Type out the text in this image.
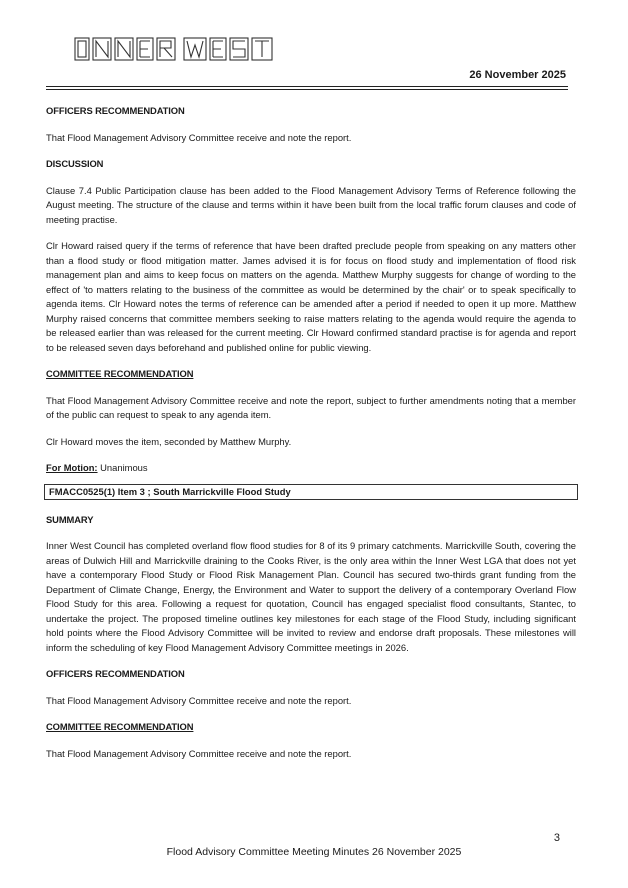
26 November 2025
OFFICERS RECOMMENDATION

That Flood Management Advisory Committee receive and note the report.

DISCUSSION

Clause 7.4 Public Participation clause has been added to the Flood Management Advisory Terms of Reference following the August meeting. The structure of the clause and terms within it have been built from the local traffic forum clauses and code of meeting practise.

Clr Howard raised query if the terms of reference that have been drafted preclude people from speaking on any matters other than a flood study or flood mitigation matter. James advised it is for focus on flood study and implementation of flood risk management plan and aims to keep focus on matters on the agenda. Matthew Murphy suggests for change of wording to the effect of 'to matters relating to the business of the committee as would be determined by the chair' or to speak specifically to agenda items. Clr Howard notes the terms of reference can be amended after a period if needed to open it up more. Matthew Murphy raised concerns that committee members seeking to raise matters relating to the agenda would require the agenda to be released earlier than was released for the current meeting. Clr Howard confirmed standard practise is for agenda and report to be released seven days beforehand and published online for public viewing.

COMMITTEE RECOMMENDATION

That Flood Management Advisory Committee receive and note the report, subject to further amendments noting that a member of the public can request to speak to any agenda item.

Clr Howard moves the item, seconded by Matthew Murphy.

For Motion: Unanimous
FMACC0525(1) Item 3 ; South Marrickville Flood Study
SUMMARY

Inner West Council has completed overland flow flood studies for 8 of its 9 primary catchments. Marrickville South, covering the areas of Dulwich Hill and Marrickville draining to the Cooks River, is the only area within the Inner West LGA that does not yet have a contemporary Flood Study or Flood Risk Management Plan. Council has secured two-thirds grant funding from the Department of Climate Change, Energy, the Environment and Water to support the delivery of a contemporary Overland Flow Flood Study for this area. Following a request for quotation, Council has engaged specialist flood consultants, Stantec, to undertake the project. The proposed timeline outlines key milestones for each stage of the Flood Study, including significant hold points where the Flood Advisory Committee will be invited to review and endorse draft proposals. These milestones will inform the scheduling of key Flood Management Advisory Committee meetings in 2026.

OFFICERS RECOMMENDATION

That Flood Management Advisory Committee receive and note the report.

COMMITTEE RECOMMENDATION

That Flood Management Advisory Committee receive and note the report.

3
Flood Advisory Committee Meeting Minutes 26 November 2025
